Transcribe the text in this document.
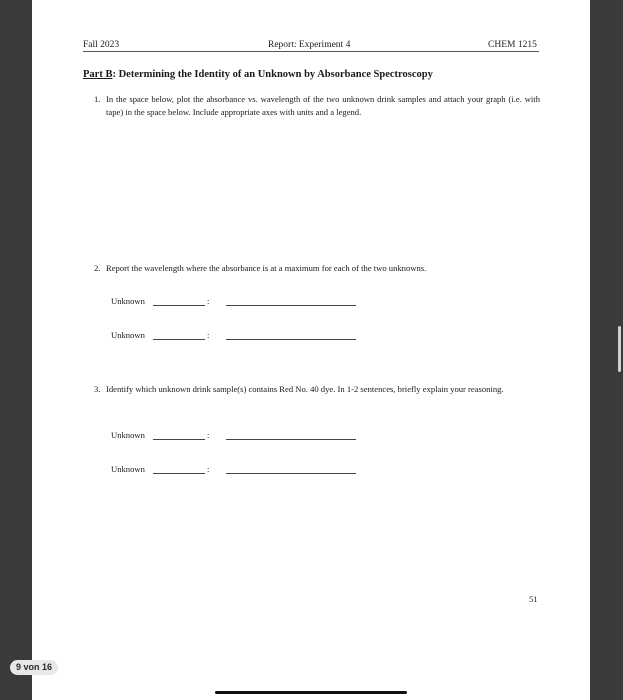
Fall 2023	Report: Experiment 4	CHEM 1215
Part B: Determining the Identity of an Unknown by Absorbance Spectroscopy
1. In the space below, plot the absorbance vs. wavelength of the two unknown drink samples and attach your graph (i.e. with tape) in the space below. Include appropriate axes with units and a legend.
2. Report the wavelength where the absorbance is at a maximum for each of the two unknowns.
Unknown	:
Unknown	:
3. Identify which unknown drink sample(s) contains Red No. 40 dye. In 1-2 sentences, briefly explain your reasoning.
Unknown	:
Unknown	:
51
9 von 16
